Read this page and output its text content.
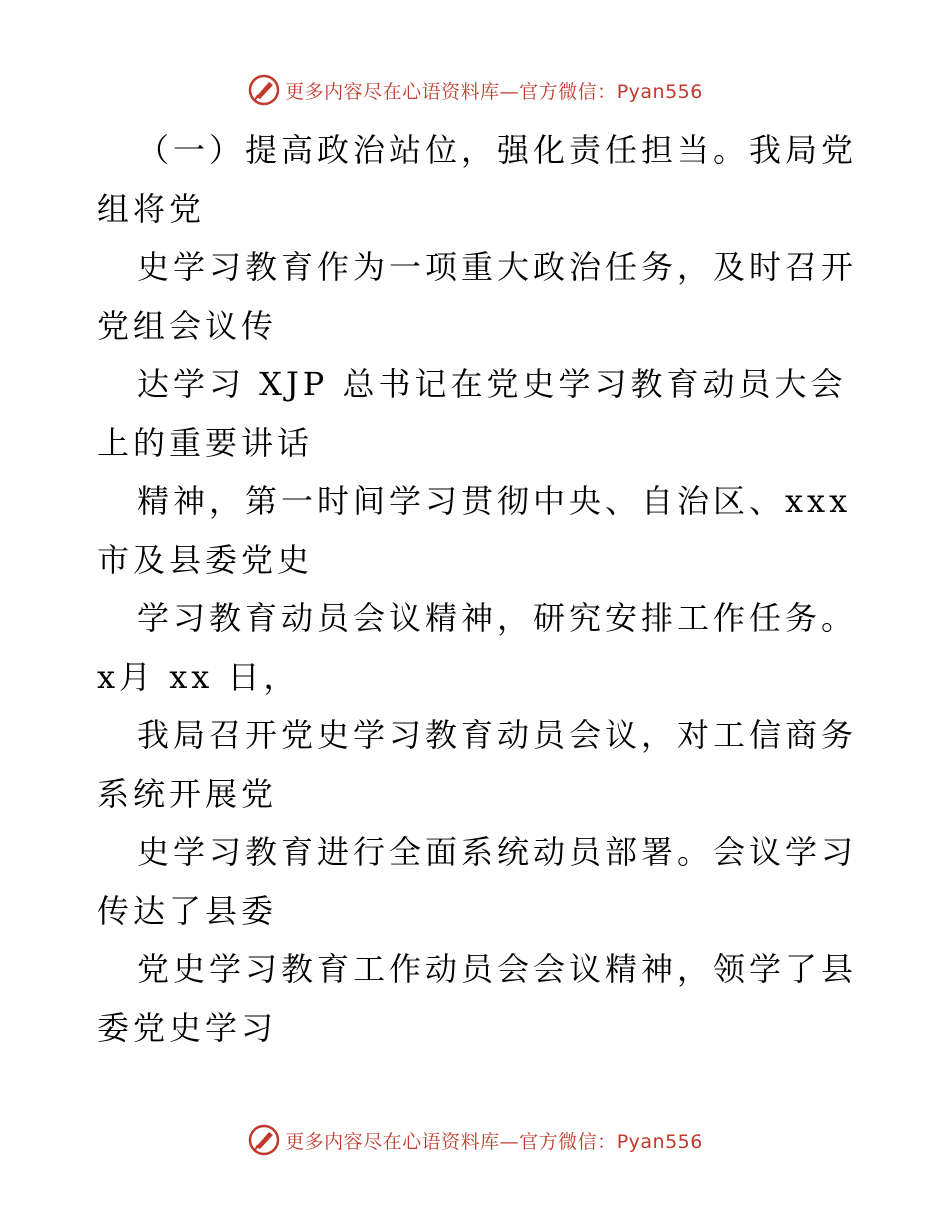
更多内容尽在心语资料库—官方微信：Pyan556

（一）提高政治站位，强化责任担当。我局党组将党

史学习教育作为一项重大政治任务，及时召开党组会议传

达学习 XJP 总书记在党史学习教育动员大会上的重要讲话

精神，第一时间学习贯彻中央、自治区、xxx 市及县委党史

学习教育动员会议精神，研究安排工作任务。x月 xx 日，

我局召开党史学习教育动员会议，对工信商务系统开展党

史学习教育进行全面系统动员部署。会议学习传达了县委

党史学习教育工作动员会会议精神，领学了县委党史学习

更多内容尽在心语资料库—官方微信：Pyan556
